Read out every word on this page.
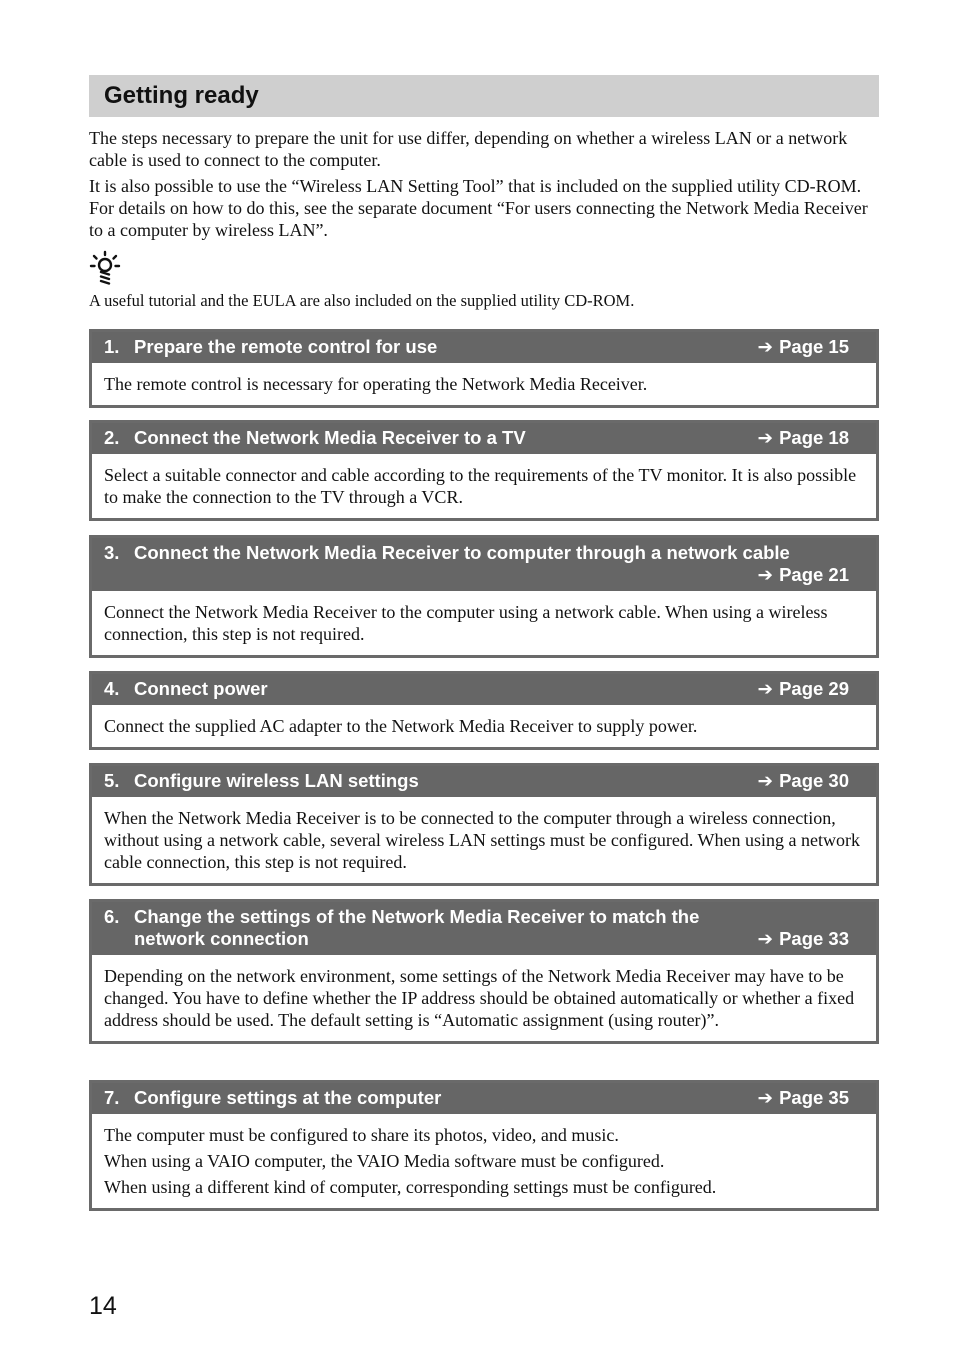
Getting ready

The steps necessary to prepare the unit for use differ, depending on whether a wireless LAN or a network cable is used to connect to the computer.

It is also possible to use the “Wireless LAN Setting Tool” that is included on the supplied utility CD-ROM. For details on how to do this, see the separate document “For users connecting the Network Media Receiver to a computer by wireless LAN”.

A useful tutorial and the EULA are also included on the supplied utility CD-ROM.

1. Prepare the remote control for use	➔ Page 15

The remote control is necessary for operating the Network Media Receiver.

2. Connect the Network Media Receiver to a TV	➔ Page 18

Select a suitable connector and cable according to the requirements of the TV monitor. It is also possible to make the connection to the TV through a VCR.

3. Connect the Network Media Receiver to computer through a network cable
➔ Page 21

Connect the Network Media Receiver to the computer using a network cable. When using a wireless connection, this step is not required.

4. Connect power	➔ Page 29

Connect the supplied AC adapter to the Network Media Receiver to supply power.

5. Configure wireless LAN settings	➔ Page 30

When the Network Media Receiver is to be connected to the computer through a wireless connection, without using a network cable, several wireless LAN settings must be configured. When using a network cable connection, this step is not required.

6. Change the settings of the Network Media Receiver to match the network connection	➔ Page 33

Depending on the network environment, some settings of the Network Media Receiver may have to be changed. You have to define whether the IP address should be obtained automatically or whether a fixed address should be used. The default setting is “Automatic assignment (using router)”.

7. Configure settings at the computer	➔ Page 35

The computer must be configured to share its photos, video, and music.

When using a VAIO computer, the VAIO Media software must be configured.

When using a different kind of computer, corresponding settings must be configured.

14
